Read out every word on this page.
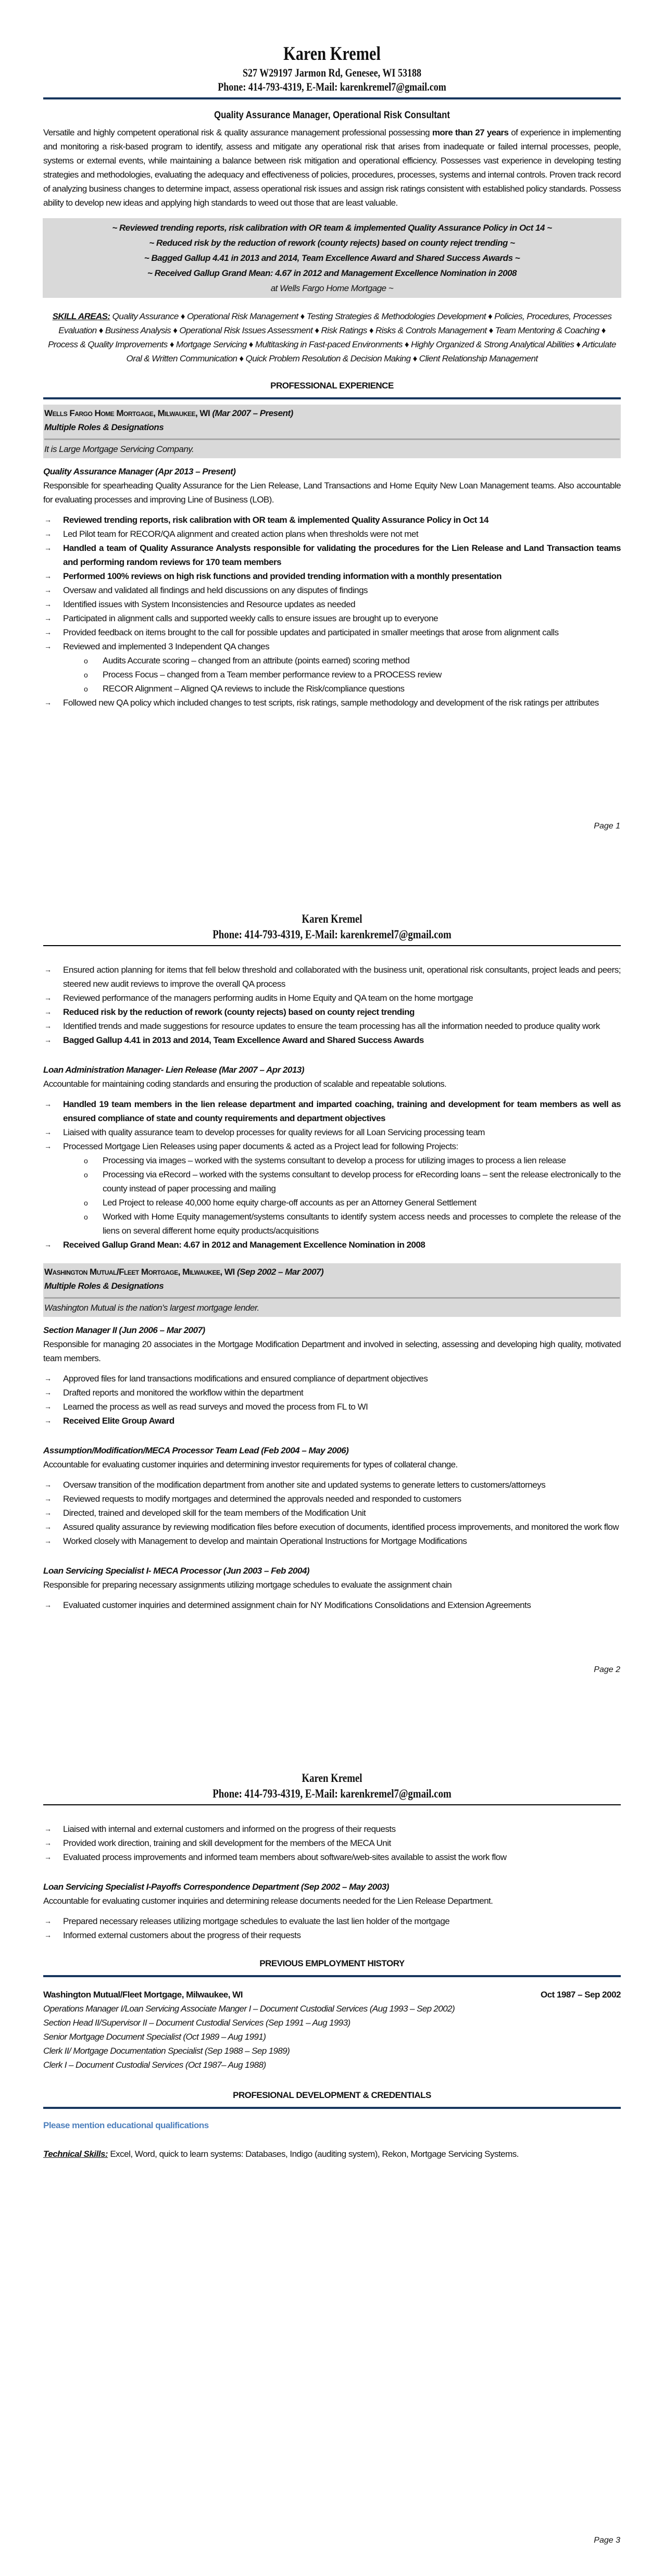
Karen Kremel
S27 W29197 Jarmon Rd, Genesee, WI 53188
Phone: 414-793-4319, E-Mail: karenkremel7@gmail.com
Quality Assurance Manager, Operational Risk Consultant

Versatile and highly competent operational risk & quality assurance management professional possessing more than 27 years of experience in implementing and monitoring a risk-based program to identify, assess and mitigate any operational risk that arises from inadequate or failed internal processes, people, systems or external events, while maintaining a balance between risk mitigation and operational efficiency. Possesses vast experience in developing testing strategies and methodologies, evaluating the adequacy and effectiveness of policies, procedures, processes, systems and internal controls. Proven track record of analyzing business changes to determine impact, assess operational risk issues and assign risk ratings consistent with established policy standards. Possess ability to develop new ideas and applying high standards to weed out those that are least valuable.

~ Reviewed trending reports, risk calibration with OR team & implemented Quality Assurance Policy in Oct 14 ~
~ Reduced risk by the reduction of rework (county rejects) based on county reject trending ~
~ Bagged Gallup 4.41 in 2013 and 2014, Team Excellence Award and Shared Success Awards ~
~ Received Gallup Grand Mean: 4.67 in 2012 and Management Excellence Nomination in 2008
at Wells Fargo Home Mortgage ~
SKILL AREAS: Quality Assurance ♦ Operational Risk Management ♦ Testing Strategies & Methodologies Development ♦ Policies, Procedures, Processes Evaluation ♦ Business Analysis ♦ Operational Risk Issues Assessment ♦ Risk Ratings ♦ Risks & Controls Management ♦ Team Mentoring & Coaching ♦ Process & Quality Improvements ♦ Mortgage Servicing ♦ Multitasking in Fast-paced Environments ♦ Highly Organized & Strong Analytical Abilities ♦ Articulate Oral & Written Communication ♦ Quick Problem Resolution & Decision Making ♦ Client Relationship Management
PROFESSIONAL EXPERIENCE
Wells Fargo Home Mortgage, Milwaukee, WI (Mar 2007 – Present)
Multiple Roles & Designations
It is Large Mortgage Servicing Company.
Quality Assurance Manager (Apr 2013 – Present)

Responsible for spearheading Quality Assurance for the Lien Release, Land Transactions and Home Equity New Loan Management teams. Also accountable for evaluating processes and improving Line of Business (LOB).

→ Reviewed trending reports, risk calibration with OR team & implemented Quality Assurance Policy in Oct 14
→ Led Pilot team for RECOR/QA alignment and created action plans when thresholds were not met
→ Handled a team of Quality Assurance Analysts responsible for validating the procedures for the Lien Release and Land Transaction teams and performing random reviews for 170 team members
→ Performed 100% reviews on high risk functions and provided trending information with a monthly presentation
→ Oversaw and validated all findings and held discussions on any disputes of findings
→ Identified issues with System Inconsistencies and Resource updates as needed
→ Participated in alignment calls and supported weekly calls to ensure issues are brought up to everyone
→ Provided feedback on items brought to the call for possible updates and participated in smaller meetings that arose from alignment calls
→ Reviewed and implemented 3 Independent QA changes
o Audits Accurate scoring – changed from an attribute (points earned) scoring method
o Process Focus – changed from a Team member performance review to a PROCESS review
o RECOR Alignment – Aligned QA reviews to include the Risk/compliance questions
→ Followed new QA policy which included changes to test scripts, risk ratings, sample methodology and development of the risk ratings per attributes
Page 1
Karen Kremel
Phone: 414-793-4319, E-Mail: karenkremel7@gmail.com
→ Ensured action planning for items that fell below threshold and collaborated with the business unit, operational risk consultants, project leads and peers; steered new audit reviews to improve the overall QA process
→ Reviewed performance of the managers performing audits in Home Equity and QA team on the home mortgage
→ Reduced risk by the reduction of rework (county rejects) based on county reject trending
→ Identified trends and made suggestions for resource updates to ensure the team processing has all the information needed to produce quality work
→ Bagged Gallup 4.41 in 2013 and 2014, Team Excellence Award and Shared Success Awards
Loan Administration Manager- Lien Release (Mar 2007 – Apr 2013)

Accountable for maintaining coding standards and ensuring the production of scalable and repeatable solutions.

→ Handled 19 team members in the lien release department and imparted coaching, training and development for team members as well as ensured compliance of state and county requirements and department objectives
→ Liaised with quality assurance team to develop processes for quality reviews for all Loan Servicing processing team
→ Processed Mortgage Lien Releases using paper documents & acted as a Project lead for following Projects:
o Processing via images – worked with the systems consultant to develop a process for utilizing images to process a lien release
o Processing via eRecord – worked with the systems consultant to develop process for eRecording loans – sent the release electronically to the county instead of paper processing and mailing
o Led Project to release 40,000 home equity charge-off accounts as per an Attorney General Settlement
o Worked with Home Equity management/systems consultants to identify system access needs and processes to complete the release of the liens on several different home equity products/acquisitions
→ Received Gallup Grand Mean: 4.67 in 2012 and Management Excellence Nomination in 2008
Washington Mutual/Fleet Mortgage, Milwaukee, WI (Sep 2002 – Mar 2007)
Multiple Roles & Designations
Washington Mutual is the nation's largest mortgage lender.
Section Manager II (Jun 2006 – Mar 2007)

Responsible for managing 20 associates in the Mortgage Modification Department and involved in selecting, assessing and developing high quality, motivated team members.

→ Approved files for land transactions modifications and ensured compliance of department objectives
→ Drafted reports and monitored the workflow within the department
→ Learned the process as well as read surveys and moved the process from FL to WI
→ Received Elite Group Award
Assumption/Modification/MECA Processor Team Lead (Feb 2004 – May 2006)

Accountable for evaluating customer inquiries and determining investor requirements for types of collateral change.

→ Oversaw transition of the modification department from another site and updated systems to generate letters to customers/attorneys
→ Reviewed requests to modify mortgages and determined the approvals needed and responded to customers
→ Directed, trained and developed skill for the team members of the Modification Unit
→ Assured quality assurance by reviewing modification files before execution of documents, identified process improvements, and monitored the work flow
→ Worked closely with Management to develop and maintain Operational Instructions for Mortgage Modifications
Loan Servicing Specialist I- MECA Processor (Jun 2003 – Feb 2004)

Responsible for preparing necessary assignments utilizing mortgage schedules to evaluate the assignment chain

→ Evaluated customer inquiries and determined assignment chain for NY Modifications Consolidations and Extension Agreements
Page 2
Karen Kremel
Phone: 414-793-4319, E-Mail: karenkremel7@gmail.com
→ Liaised with internal and external customers and informed on the progress of their requests
→ Provided work direction, training and skill development for the members of the MECA Unit
→ Evaluated process improvements and informed team members about software/web-sites available to assist the work flow
Loan Servicing Specialist I-Payoffs Correspondence Department (Sep 2002 – May 2003)

Accountable for evaluating customer inquiries and determining release documents needed for the Lien Release Department.

→ Prepared necessary releases utilizing mortgage schedules to evaluate the last lien holder of the mortgage
→ Informed external customers about the progress of their requests
PREVIOUS EMPLOYMENT HISTORY
Washington Mutual/Fleet Mortgage, Milwaukee, WI	Oct 1987 – Sep 2002
Operations Manager I/Loan Servicing Associate Manger I – Document Custodial Services (Aug 1993 – Sep 2002)
Section Head II/Supervisor II – Document Custodial Services (Sep 1991 – Aug 1993)
Senior Mortgage Document Specialist (Oct 1989 – Aug 1991)
Clerk II/ Mortgage Documentation Specialist (Sep 1988 – Sep 1989)
Clerk I – Document Custodial Services (Oct 1987– Aug 1988)
PROFESIONAL DEVELOPMENT & CREDENTIALS
Please mention educational qualifications
Technical Skills: Excel, Word, quick to learn systems: Databases, Indigo (auditing system), Rekon, Mortgage Servicing Systems.
Page 3
